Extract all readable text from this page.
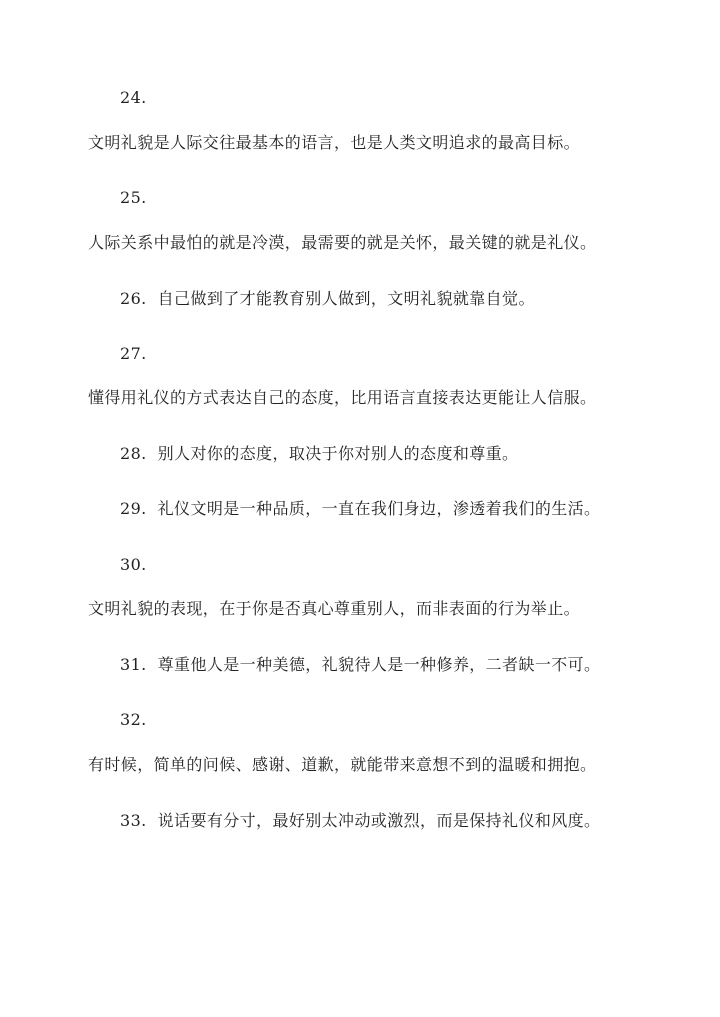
24.
文明礼貌是人际交往最基本的语言，也是人类文明追求的最高目标。
25.
人际关系中最怕的就是冷漠，最需要的就是关怀，最关键的就是礼仪。
26. 自己做到了才能教育别人做到，文明礼貌就靠自觉。
27.
懂得用礼仪的方式表达自己的态度，比用语言直接表达更能让人信服。
28. 别人对你的态度，取决于你对别人的态度和尊重。
29. 礼仪文明是一种品质，一直在我们身边，渗透着我们的生活。
30.
文明礼貌的表现，在于你是否真心尊重别人，而非表面的行为举止。
31. 尊重他人是一种美德，礼貌待人是一种修养，二者缺一不可。
32.
有时候，简单的问候、感谢、道歉，就能带来意想不到的温暖和拥抱。
33. 说话要有分寸，最好别太冲动或激烈，而是保持礼仪和风度。
